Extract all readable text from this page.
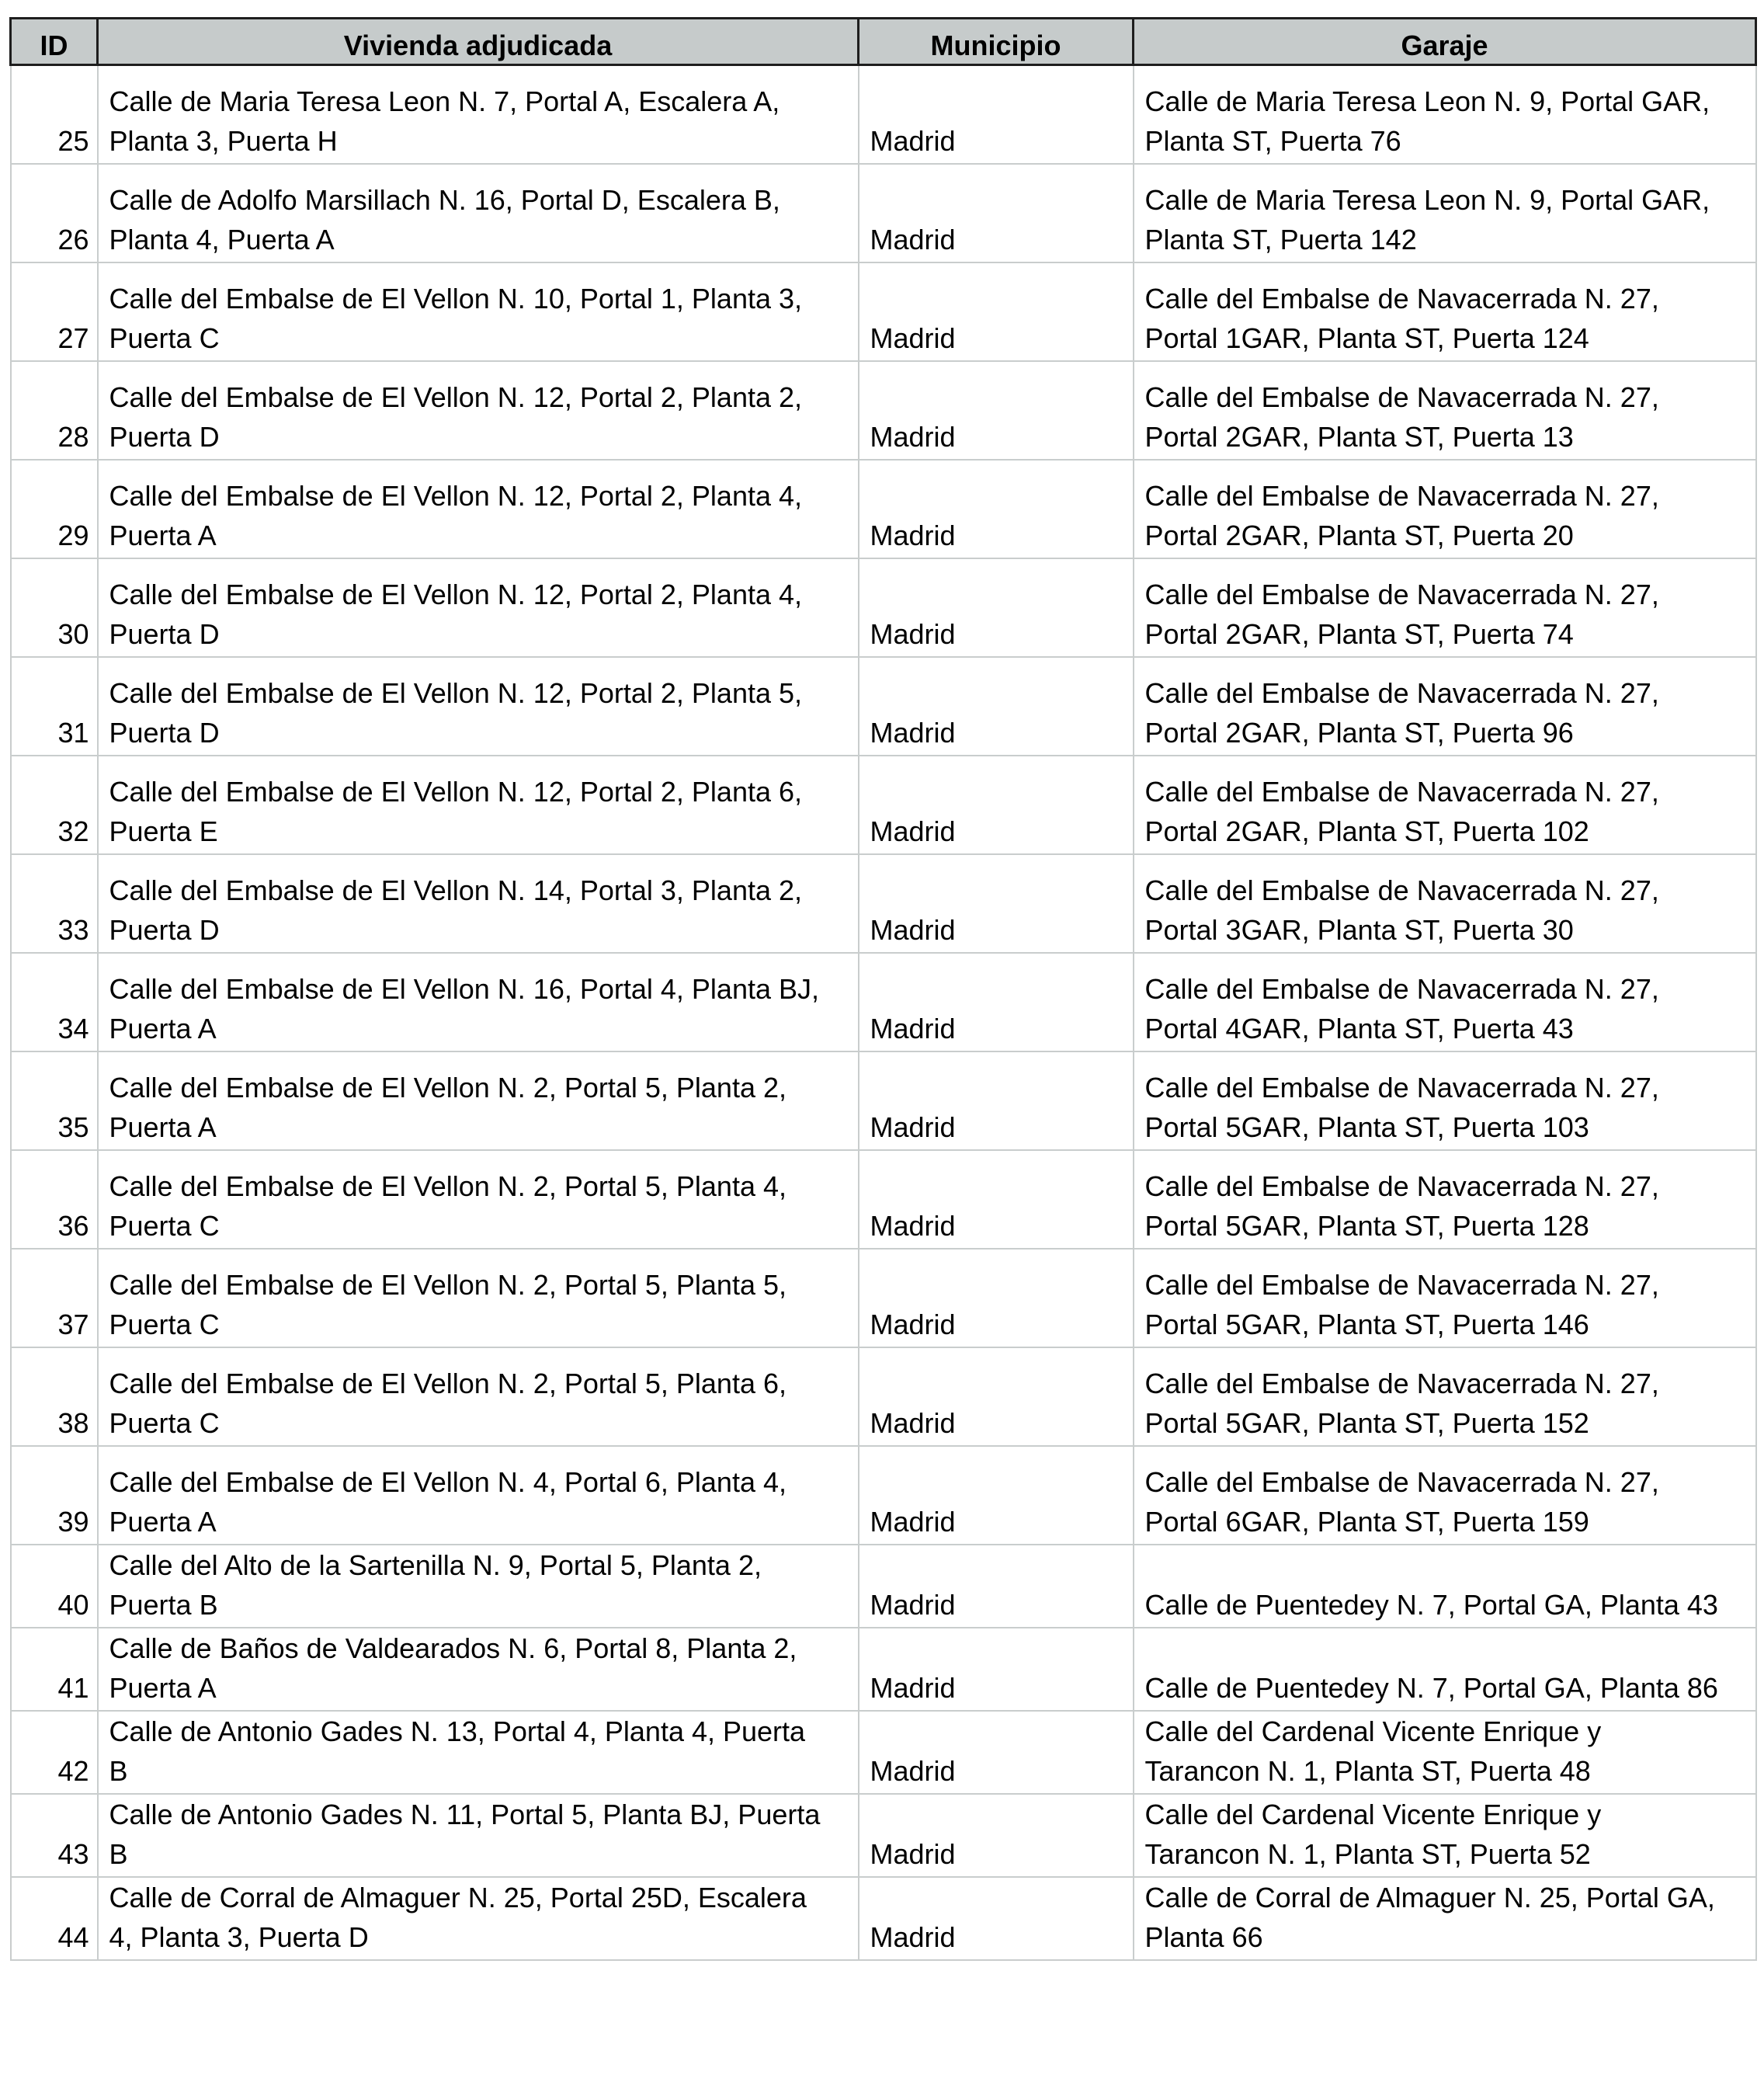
ID	Vivienda adjudicada	Municipio	Garaje

25	Calle de Maria Teresa Leon N. 7, Portal A, Escalera A,
Planta 3, Puerta H	Madrid	Calle de Maria Teresa Leon N. 9, Portal GAR,
Planta ST, Puerta 76

26	Calle de Adolfo Marsillach N. 16, Portal D, Escalera B,
Planta 4, Puerta A	Madrid	Calle de Maria Teresa Leon N. 9, Portal GAR,
Planta ST, Puerta 142

27	Calle del Embalse de El Vellon N. 10, Portal 1, Planta 3,
Puerta C	Madrid	Calle del Embalse de Navacerrada N. 27,
Portal 1GAR, Planta ST, Puerta 124

28	Calle del Embalse de El Vellon N. 12, Portal 2, Planta 2,
Puerta D	Madrid	Calle del Embalse de Navacerrada N. 27,
Portal 2GAR, Planta ST, Puerta 13

29	Calle del Embalse de El Vellon N. 12, Portal 2, Planta 4,
Puerta A	Madrid	Calle del Embalse de Navacerrada N. 27,
Portal 2GAR, Planta ST, Puerta 20

30	Calle del Embalse de El Vellon N. 12, Portal 2, Planta 4,
Puerta D	Madrid	Calle del Embalse de Navacerrada N. 27,
Portal 2GAR, Planta ST, Puerta 74

31	Calle del Embalse de El Vellon N. 12, Portal 2, Planta 5,
Puerta D	Madrid	Calle del Embalse de Navacerrada N. 27,
Portal 2GAR, Planta ST, Puerta 96

32	Calle del Embalse de El Vellon N. 12, Portal 2, Planta 6,
Puerta E	Madrid	Calle del Embalse de Navacerrada N. 27,
Portal 2GAR, Planta ST, Puerta 102

33	Calle del Embalse de El Vellon N. 14, Portal 3, Planta 2,
Puerta D	Madrid	Calle del Embalse de Navacerrada N. 27,
Portal 3GAR, Planta ST, Puerta 30

34	Calle del Embalse de El Vellon N. 16, Portal 4, Planta BJ,
Puerta A	Madrid	Calle del Embalse de Navacerrada N. 27,
Portal 4GAR, Planta ST, Puerta 43

35	Calle del Embalse de El Vellon N. 2, Portal 5, Planta 2,
Puerta A	Madrid	Calle del Embalse de Navacerrada N. 27,
Portal 5GAR, Planta ST, Puerta 103

36	Calle del Embalse de El Vellon N. 2, Portal 5, Planta 4,
Puerta C	Madrid	Calle del Embalse de Navacerrada N. 27,
Portal 5GAR, Planta ST, Puerta 128

37	Calle del Embalse de El Vellon N. 2, Portal 5, Planta 5,
Puerta C	Madrid	Calle del Embalse de Navacerrada N. 27,
Portal 5GAR, Planta ST, Puerta 146

38	Calle del Embalse de El Vellon N. 2, Portal 5, Planta 6,
Puerta C	Madrid	Calle del Embalse de Navacerrada N. 27,
Portal 5GAR, Planta ST, Puerta 152

39	Calle del Embalse de El Vellon N. 4, Portal 6, Planta 4,
Puerta A	Madrid	Calle del Embalse de Navacerrada N. 27,
Portal 6GAR, Planta ST, Puerta 159

40	Calle del Alto de la Sartenilla N. 9, Portal 5, Planta 2,
Puerta B	Madrid	Calle de Puentedey N. 7, Portal GA, Planta 43

41	Calle de Baños de Valdearados N. 6, Portal 8, Planta 2,
Puerta A	Madrid	Calle de Puentedey N. 7, Portal GA, Planta 86

42	Calle de Antonio Gades N. 13, Portal 4, Planta 4, Puerta
B	Madrid	Calle del Cardenal Vicente Enrique y
Tarancon N. 1, Planta ST, Puerta 48

43	Calle de Antonio Gades N. 11, Portal 5, Planta BJ, Puerta
B	Madrid	Calle del Cardenal Vicente Enrique y
Tarancon N. 1, Planta ST, Puerta 52

44	Calle de Corral de Almaguer N. 25, Portal 25D, Escalera
4, Planta 3, Puerta D	Madrid	Calle de Corral de Almaguer N. 25, Portal GA,
Planta 66
